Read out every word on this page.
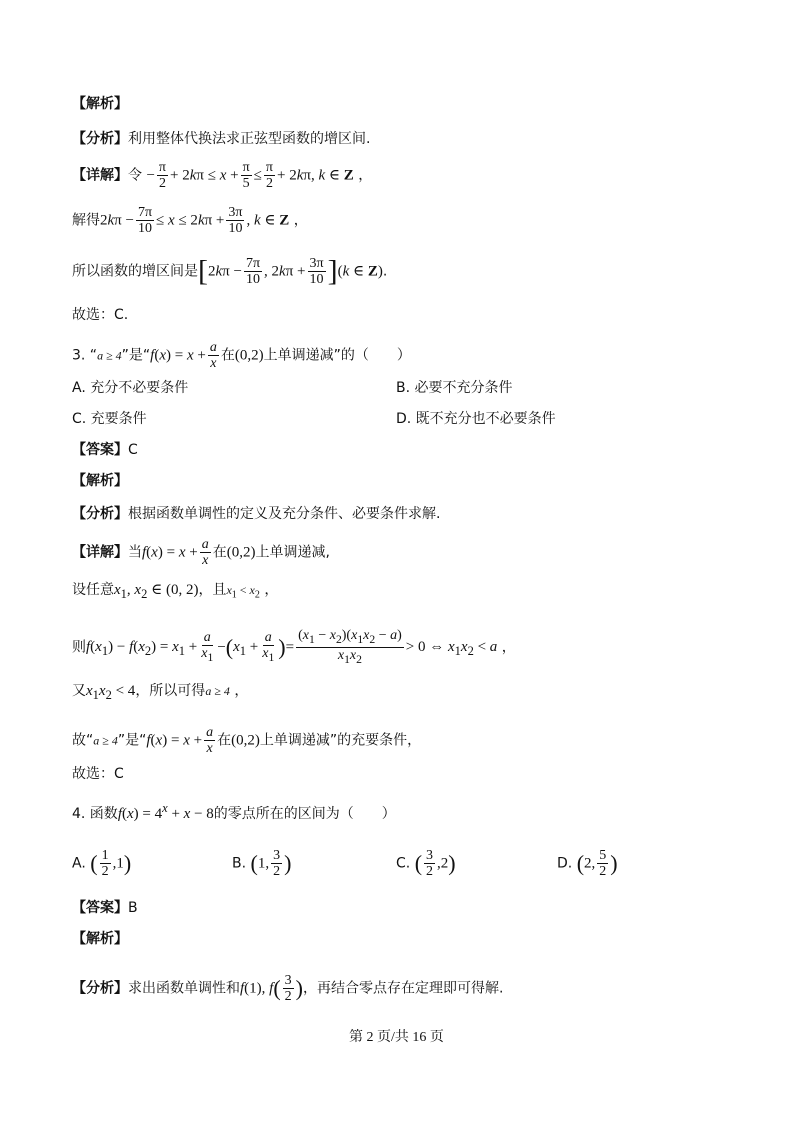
【解析】
【分析】利用整体代换法求正弦型函数的增区间.
【详解】令 − $\frac{\pi}{2} + 2k\pi \le x + \frac{\pi}{5} \le \frac{\pi}{2} + 2k\pi$, k ∈ Z ，
解得$2k\pi - \frac{7\pi}{10} \le x \le 2k\pi + \frac{3\pi}{10}$ , k ∈ Z ，
所以函数的增区间是[$2k\pi - \frac{7\pi}{10}$ , $2k\pi + \frac{3\pi}{10} ](k$ ∈ Z).
故选：C.
3. “a ≥ 4”是“$f(x) = x + \frac{a}{x}$ 在(0,2)上单调递减”的（　　）
A. 充分不必要条件	B. 必要不充分条件
C. 充要条件	D. 既不充分也不必要条件
【答案】C
【解析】
【分析】根据函数单调性的定义及充分条件、必要条件求解.
【详解】当$f(x) = x + \frac{a}{x}$ 在(0,2)上单调递减,
设任意$x_1$, $x_2$ ∈ (0, 2)，且$x_1 < x_2$ ，
则$f(x_1) - f(x_2) = x_1 + \frac{a}{x_1} -(x_1 + \frac{a}{x_1}$ )= $\frac{(x_1 - x_2)(x_1x_2 - a)}{x_1x_2} > 0$ ⇔ $x_1x_2 < a$ ，
又$x_1x_2 < 4$，所以可得a ≥ 4 ，
故“a ≥ 4”是“$f(x) = x + \frac{a}{x}$ 在(0,2)上单调递减”的充要条件，
故选：C
4. 函数$f(x) = 4^x + x - 8$的零点所在的区间为（　　）
A. ( $\frac{1}{2} ,1$)	B. (1, $\frac{3}{2}$ )	C. ( $\frac{3}{2} ,2$)	D. (2, $\frac{5}{2}$ )
【答案】B
【解析】
【分析】求出函数单调性和f(1), $f( \frac{3}{2}$ )，再结合零点存在定理即可得解.
第 2 页/共 16 页
